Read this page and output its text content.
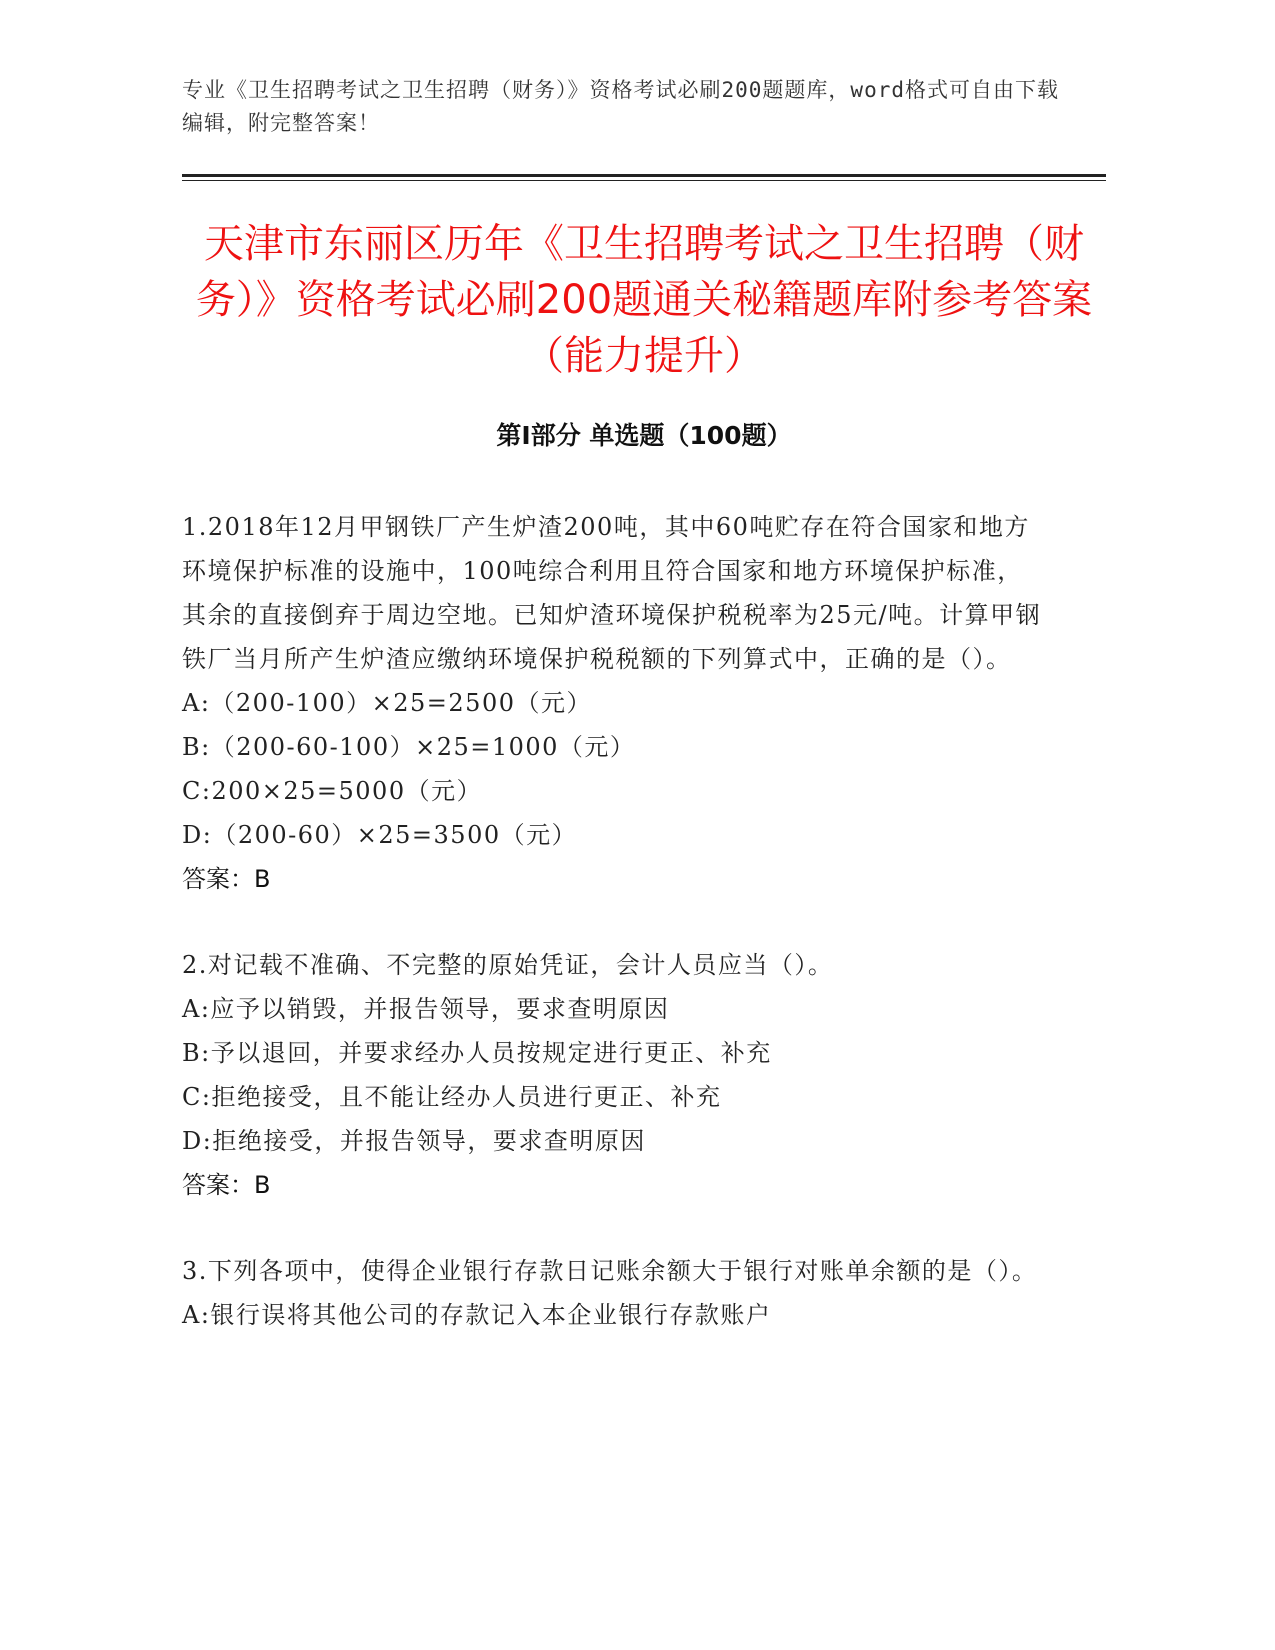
专业《卫生招聘考试之卫生招聘（财务）》资格考试必刷200题题库，word格式可自由下载编辑，附完整答案！
天津市东丽区历年《卫生招聘考试之卫生招聘（财务）》资格考试必刷200题通关秘籍题库附参考答案（能力提升）
第Ⅰ部分 单选题（100题）

1.2018年12月甲钢铁厂产生炉渣200吨，其中60吨贮存在符合国家和地方环境保护标准的设施中，100吨综合利用且符合国家和地方环境保护标准，其余的直接倒弃于周边空地。已知炉渣环境保护税税率为25元/吨。计算甲钢铁厂当月所产生炉渣应缴纳环境保护税税额的下列算式中，正确的是（）。

A:（200-100）×25=2500（元）

B:（200-60-100）×25=1000（元）

C:200×25=5000（元）

D:（200-60）×25=3500（元）

答案：B

2.对记载不准确、不完整的原始凭证，会计人员应当（）。

A:应予以销毁，并报告领导，要求查明原因

B:予以退回，并要求经办人员按规定进行更正、补充

C:拒绝接受，且不能让经办人员进行更正、补充

D:拒绝接受，并报告领导，要求查明原因

答案：B

3.下列各项中，使得企业银行存款日记账余额大于银行对账单余额的是（）。

A:银行误将其他公司的存款记入本企业银行存款账户
